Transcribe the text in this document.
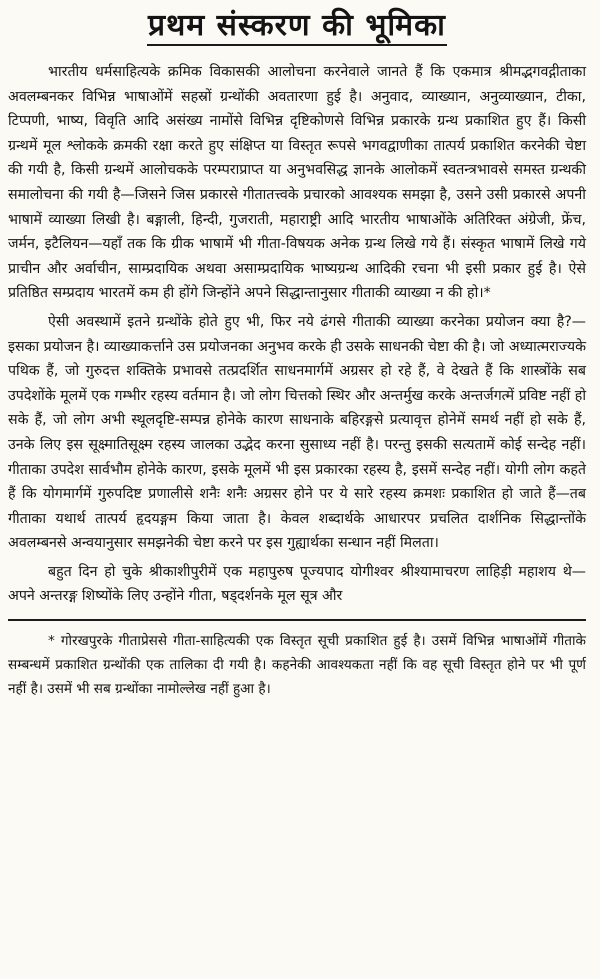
प्रथम संस्करण की भूमिका

भारतीय धर्मसाहित्यके क्रमिक विकासकी आलोचना करनेवाले जानते हैं कि एकमात्र श्रीमद्भगवद्गीताका अवलम्बनकर विभिन्न भाषाओंमें सहस्रों ग्रन्थोंकी अवतारणा हुई है। अनुवाद, व्याख्यान, अनुव्याख्यान, टीका, टिप्पणी, भाष्य, विवृति आदि असंख्य नामोंसे विभिन्न दृष्टिकोणसे विभिन्न प्रकारके ग्रन्थ प्रकाशित हुए हैं। किसी ग्रन्थमें मूल श्लोकके क्रमकी रक्षा करते हुए संक्षिप्त या विस्तृत रूपसे भगवद्वाणीका तात्पर्य प्रकाशित करनेकी चेष्टा की गयी है, किसी ग्रन्थमें आलोचकके परम्पराप्राप्त या अनुभवसिद्ध ज्ञानके आलोकमें स्वतन्त्रभावसे समस्त ग्रन्थकी समालोचना की गयी है—जिसने जिस प्रकारसे गीतातत्त्वके प्रचारको आवश्यक समझा है, उसने उसी प्रकारसे अपनी भाषामें व्याख्या लिखी है। बङ्गाली, हिन्दी, गुजराती, महाराष्ट्री आदि भारतीय भाषाओंके अतिरिक्त अंग्रेजी, फ्रेंच, जर्मन, इटैलियन—यहाँ तक कि ग्रीक भाषामें भी गीता-विषयक अनेक ग्रन्थ लिखे गये हैं। संस्कृत भाषामें लिखे गये प्राचीन और अर्वाचीन, साम्प्रदायिक अथवा असाम्प्रदायिक भाष्यग्रन्थ आदिकी रचना भी इसी प्रकार हुई है। ऐसे प्रतिष्ठित सम्प्रदाय भारतमें कम ही होंगे जिन्होंने अपने सिद्धान्तानुसार गीताकी व्याख्या न की हो।*

ऐसी अवस्थामें इतने ग्रन्थोंके होते हुए भी, फिर नये ढंगसे गीताकी व्याख्या करनेका प्रयोजन क्या है?—इसका प्रयोजन है। व्याख्याकर्त्ताने उस प्रयोजनका अनुभव करके ही उसके साधनकी चेष्टा की है। जो अध्यात्मराज्यके पथिक हैं, जो गुरुदत्त शक्तिके प्रभावसे तत्प्रदर्शित साधनमार्गमें अग्रसर हो रहे हैं, वे देखते हैं कि शास्त्रोंके सब उपदेशोंके मूलमें एक गम्भीर रहस्य वर्तमान है। जो लोग चित्तको स्थिर और अन्तर्मुख करके अन्तर्जगत्में प्रविष्ट नहीं हो सके हैं, जो लोग अभी स्थूलदृष्टि-सम्पन्न होनेके कारण साधनाके बहिरङ्गसे प्रत्यावृत्त होनेमें समर्थ नहीं हो सके हैं, उनके लिए इस सूक्ष्मातिसूक्ष्म रहस्य जालका उद्भेद करना सुसाध्य नहीं है। परन्तु इसकी सत्यतामें कोई सन्देह नहीं। गीताका उपदेश सार्वभौम होनेके कारण, इसके मूलमें भी इस प्रकारका रहस्य है, इसमें सन्देह नहीं। योगी लोग कहते हैं कि योगमार्गमें गुरुपदिष्ट प्रणालीसे शनैः शनैः अग्रसर होने पर ये सारे रहस्य क्रमशः प्रकाशित हो जाते हैं—तब गीताका यथार्थ तात्पर्य हृदयङ्गम किया जाता है। केवल शब्दार्थके आधारपर प्रचलित दार्शनिक सिद्धान्तोंके अवलम्बनसे अन्वयानुसार समझनेकी चेष्टा करने पर इस गुह्यार्थका सन्धान नहीं मिलता।

बहुत दिन हो चुके श्रीकाशीपुरीमें एक महापुरुष पूज्यपाद योगीश्वर श्रीश्यामाचरण लाहिड़ी महाशय थे—अपने अन्तरङ्ग शिष्योंके लिए उन्होंने गीता, षड्दर्शनके मूल सूत्र और

* गोरखपुरके गीताप्रेससे गीता-साहित्यकी एक विस्तृत सूची प्रकाशित हुई है। उसमें विभिन्न भाषाओंमें गीताके सम्बन्धमें प्रकाशित ग्रन्थोंकी एक तालिका दी गयी है। कहनेकी आवश्यकता नहीं कि वह सूची विस्तृत होने पर भी पूर्ण नहीं है। उसमें भी सब ग्रन्थोंका नामोल्लेख नहीं हुआ है।
